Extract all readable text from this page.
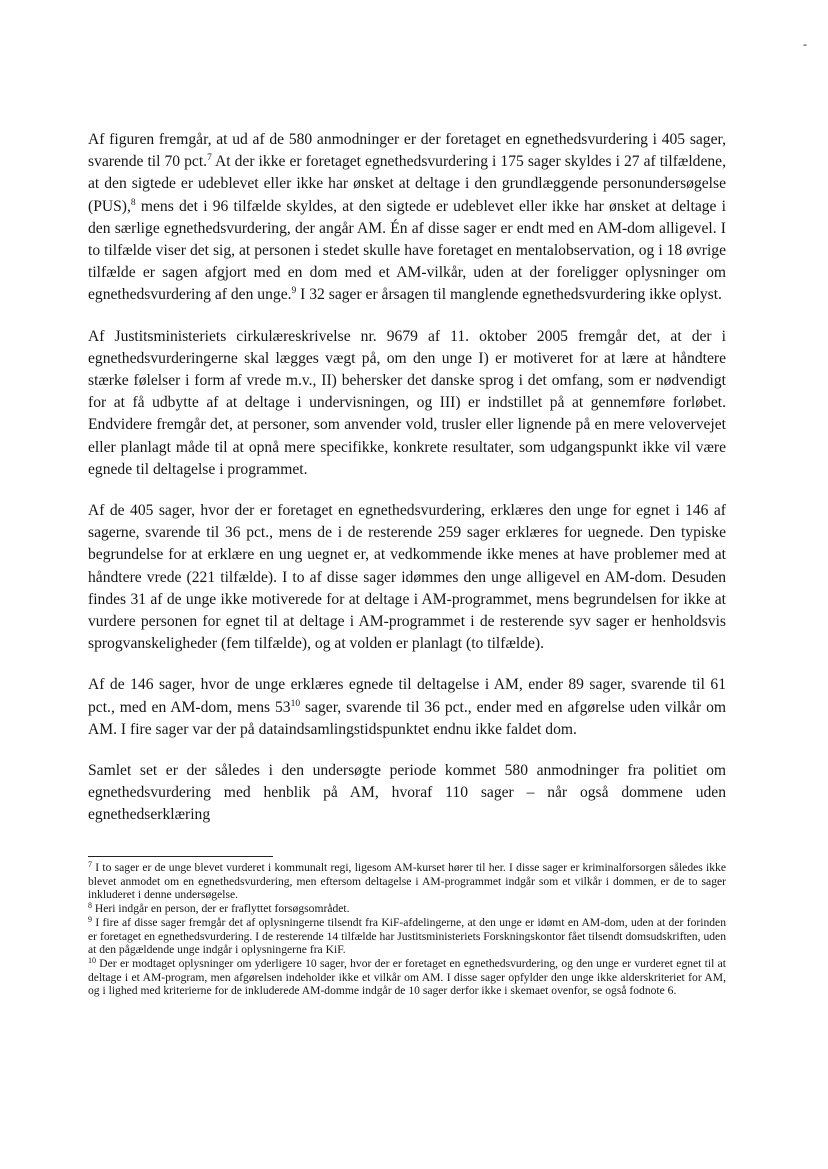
-

Af figuren fremgår, at ud af de 580 anmodninger er der foretaget en egnethedsvurdering i 405 sager, svarende til 70 pct.$^7$ At der ikke er foretaget egnethedsvurdering i 175 sager skyldes i 27 af tilfældene, at den sigtede er udeblevet eller ikke har ønsket at deltage i den grundlæggende personundersøgelse (PUS),$^8$ mens det i 96 tilfælde skyldes, at den sigtede er udeblevet eller ikke har ønsket at deltage i den særlige egnethedsvurdering, der angår AM. Én af disse sager er endt med en AM-dom alligevel. I to tilfælde viser det sig, at personen i stedet skulle have foretaget en mentalobservation, og i 18 øvrige tilfælde er sagen afgjort med en dom med et AM-vilkår, uden at der foreligger oplysninger om egnethedsvurdering af den unge.$^9$ I 32 sager er årsagen til manglende egnethedsvurdering ikke oplyst.

Af Justitsministeriets cirkulæreskrivelse nr. 9679 af 11. oktober 2005 fremgår det, at der i egnethedsvurderingerne skal lægges vægt på, om den unge I) er motiveret for at lære at håndtere stærke følelser i form af vrede m.v., II) behersker det danske sprog i det omfang, som er nødvendigt for at få udbytte af at deltage i undervisningen, og III) er indstillet på at gennemføre forløbet. Endvidere fremgår det, at personer, som anvender vold, trusler eller lignende på en mere velovervejet eller planlagt måde til at opnå mere specifikke, konkrete resultater, som udgangspunkt ikke vil være egnede til deltagelse i programmet.

Af de 405 sager, hvor der er foretaget en egnethedsvurdering, erklæres den unge for egnet i 146 af sagerne, svarende til 36 pct., mens de i de resterende 259 sager erklæres for uegnede. Den typiske begrundelse for at erklære en ung uegnet er, at vedkommende ikke menes at have problemer med at håndtere vrede (221 tilfælde). I to af disse sager idømmes den unge alligevel en AM-dom. Desuden findes 31 af de unge ikke motiverede for at deltage i AM-programmet, mens begrundelsen for ikke at vurdere personen for egnet til at deltage i AM-programmet i de resterende syv sager er henholdsvis sprogvanskeligheder (fem tilfælde), og at volden er planlagt (to tilfælde).

Af de 146 sager, hvor de unge erklæres egnede til deltagelse i AM, ender 89 sager, svarende til 61 pct., med en AM-dom, mens $53^{10}$ sager, svarende til 36 pct., ender med en afgørelse uden vilkår om AM. I fire sager var der på dataindsamlingstidspunktet endnu ikke faldet dom.

Samlet set er der således i den undersøgte periode kommet 580 anmodninger fra politiet om egnethedsvurdering med henblik på AM, hvoraf 110 sager – når også dommene uden egnethedserklæring

$^7$ I to sager er de unge blevet vurderet i kommunalt regi, ligesom AM-kurset hører til her. I disse sager er kriminalforsorgen således ikke blevet anmodet om en egnethedsvurdering, men eftersom deltagelse i AM-programmet indgår som et vilkår i dommen, er de to sager inkluderet i denne undersøgelse.

$^8$ Heri indgår en person, der er fraflyttet forsøgsområdet.

$^9$ I fire af disse sager fremgår det af oplysningerne tilsendt fra KiF-afdelingerne, at den unge er idømt en AM-dom, uden at der forinden er foretaget en egnethedsvurdering. I de resterende 14 tilfælde har Justitsministeriets Forskningskontor fået tilsendt domsudskriften, uden at den pågældende unge indgår i oplysningerne fra KiF.

$^{10}$ Der er modtaget oplysninger om yderligere 10 sager, hvor der er foretaget en egnethedsvurdering, og den unge er vurderet egnet til at deltage i et AM-program, men afgørelsen indeholder ikke et vilkår om AM. I disse sager opfylder den unge ikke alderskriteriet for AM, og i lighed med kriterierne for de inkluderede AM-domme indgår de 10 sager derfor ikke i skemaet ovenfor, se også fodnote 6.
